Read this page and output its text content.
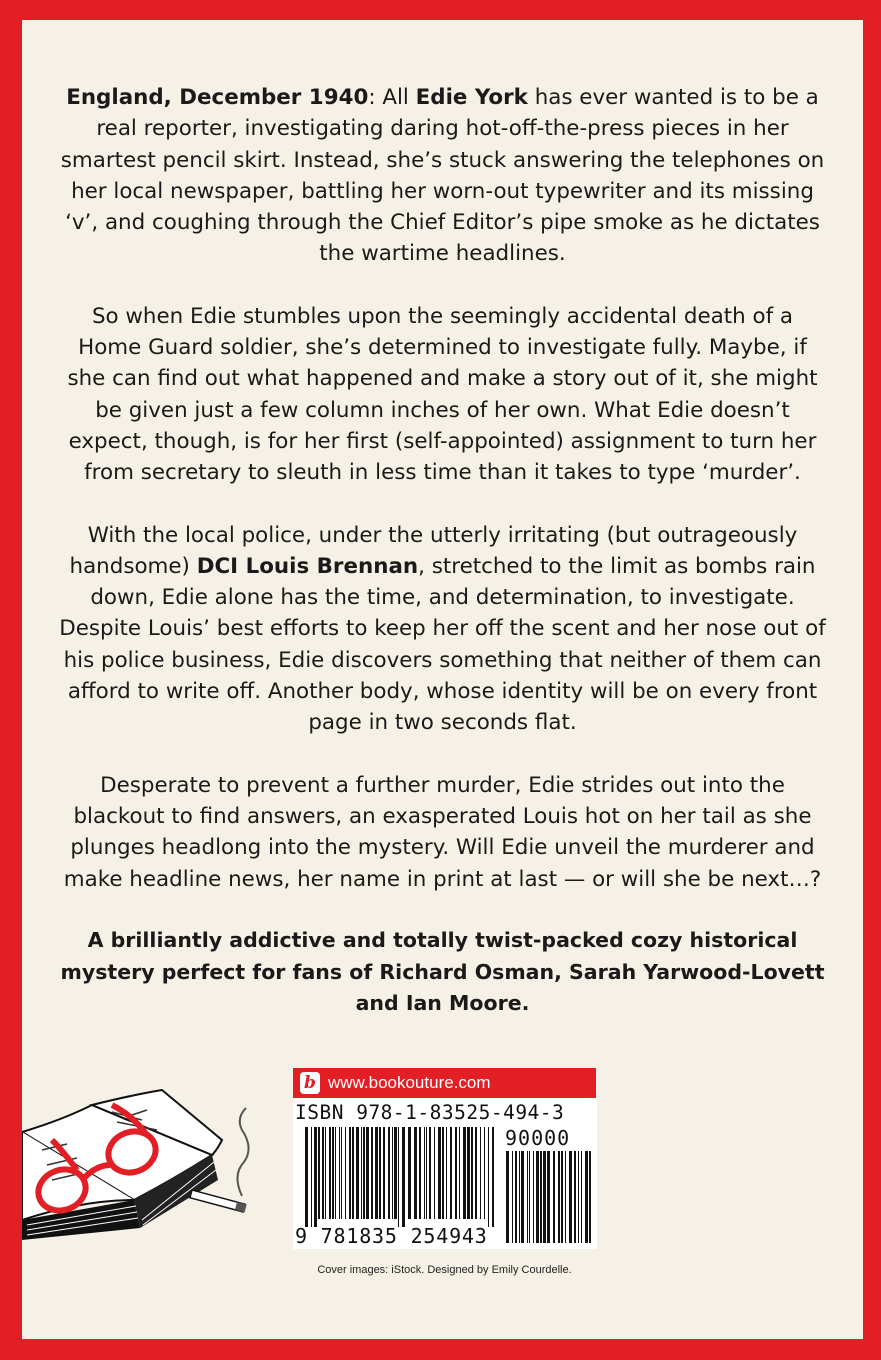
England, December 1940: All Edie York has ever wanted is to be a real reporter, investigating daring hot-off-the-press pieces in her smartest pencil skirt. Instead, she’s stuck answering the telephones on her local newspaper, battling her worn-out typewriter and its missing ‘v’, and coughing through the Chief Editor’s pipe smoke as he dictates the wartime headlines.

So when Edie stumbles upon the seemingly accidental death of a Home Guard soldier, she’s determined to investigate fully. Maybe, if she can find out what happened and make a story out of it, she might be given just a few column inches of her own. What Edie doesn’t expect, though, is for her first (self-appointed) assignment to turn her from secretary to sleuth in less time than it takes to type ‘murder’.

With the local police, under the utterly irritating (but outrageously handsome) DCI Louis Brennan, stretched to the limit as bombs rain down, Edie alone has the time, and determination, to investigate. Despite Louis’ best efforts to keep her off the scent and her nose out of his police business, Edie discovers something that neither of them can afford to write off. Another body, whose identity will be on every front page in two seconds flat.

Desperate to prevent a further murder, Edie strides out into the blackout to find answers, an exasperated Louis hot on her tail as she plunges headlong into the mystery. Will Edie unveil the murderer and make headline news, her name in print at last — or will she be next…?

A brilliantly addictive and totally twist-packed cozy historical mystery perfect for fans of Richard Osman, Sarah Yarwood-Lovett and Ian Moore.
b www.bookouture.com
ISBN 978-1-83525-494-3
90000
9 781835 254943
Cover images: iStock. Designed by Emily Courdelle.
